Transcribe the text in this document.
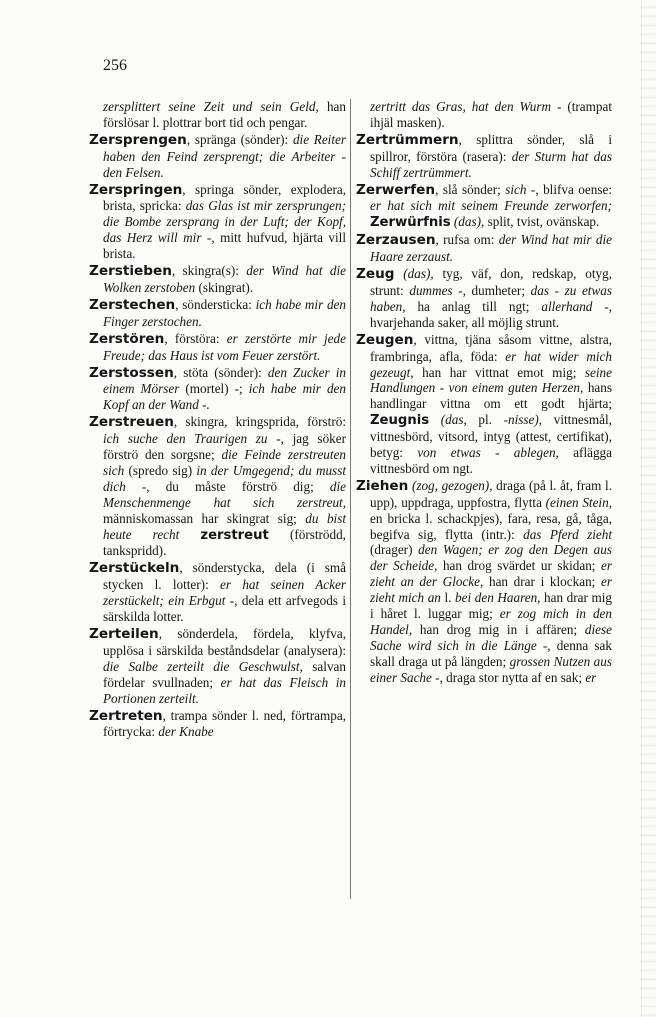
256

zersplittert seine Zeit und sein Geld, han förslösar l. plottrar bort tid och pengar.

Zersprengen, spränga (sönder): die Reiter haben den Feind zersprengt; die Arbeiter - den Felsen.

Zerspringen, springa sönder, explodera, brista, spricka: das Glas ist mir zersprungen; die Bombe zersprang in der Luft; der Kopf, das Herz will mir -, mitt hufvud, hjärta vill brista.

Zerstieben, skingra(s): der Wind hat die Wolken zerstoben (skingrat).

Zerstechen, söndersticka: ich habe mir den Finger zerstochen.

Zerstören, förstöra: er zerstörte mir jede Freude; das Haus ist vom Feuer zerstört.

Zerstossen, stöta (sönder): den Zucker in einem Mörser (mortel) -; ich habe mir den Kopf an der Wand -.

Zerstreuen, skingra, kringsprida, förströ: ich suche den Traurigen zu -, jag söker förströ den sorgsne; die Feinde zerstreuten sich (spredo sig) in der Umgegend; du musst dich -, du måste förströ dig; die Menschenmenge hat sich zerstreut, människomassan har skingrat sig; du bist heute recht zerstreut (förströdd, tankspridd).

Zerstückeln, sönderstycka, dela (i små stycken l. lotter): er hat seinen Acker zerstückelt; ein Erbgut -, dela ett arfvegods i särskilda lotter.

Zerteilen, sönderdela, fördela, klyfva, upplösa i särskilda beståndsdelar (analysera): die Salbe zerteilt die Geschwulst, salvan fördelar svullnaden; er hat das Fleisch in Portionen zerteilt.

Zertreten, trampa sönder l. ned, förtrampa, förtrycka: der Knabe

zertritt das Gras, hat den Wurm - (trampat ihjäl masken).

Zertrümmern, splittra sönder, slå i spillror, förstöra (rasera): der Sturm hat das Schiff zertrümmert.

Zerwerfen, slå sönder; sich -, blifva oense: er hat sich mit seinem Freunde zerworfen; Zerwürfnis (das), split, tvist, ovänskap.

Zerzausen, rufsa om: der Wind hat mir die Haare zerzaust.

Zeug (das), tyg, väf, don, redskap, otyg, strunt: dummes -, dumheter; das - zu etwas haben, ha anlag till ngt; allerhand -, hvarjehanda saker, all möjlig strunt.

Zeugen, vittna, tjäna såsom vittne, alstra, frambringa, afla, föda: er hat wider mich gezeugt, han har vittnat emot mig; seine Handlungen - von einem guten Herzen, hans handlingar vittna om ett godt hjärta; Zeugnis (das, pl. -nisse), vittnesmål, vittnesbörd, vitsord, intyg (attest, certifikat), betyg: von etwas - ablegen, aflägga vittnesbörd om ngt.

Ziehen (zog, gezogen), draga (på l. åt, fram l. upp), uppdraga, uppfostra, flytta (einen Stein, en bricka l. schackpjes), fara, resa, gå, tåga, begifva sig, flytta (intr.): das Pferd zieht (drager) den Wagen; er zog den Degen aus der Scheide, han drog svärdet ur skidan; er zieht an der Glocke, han drar i klockan; er zieht mich an l. bei den Haaren, han drar mig i håret l. luggar mig; er zog mich in den Handel, han drog mig in i affären; diese Sache wird sich in die Länge -, denna sak skall draga ut på längden; grossen Nutzen aus einer Sache -, draga stor nytta af en sak; er
